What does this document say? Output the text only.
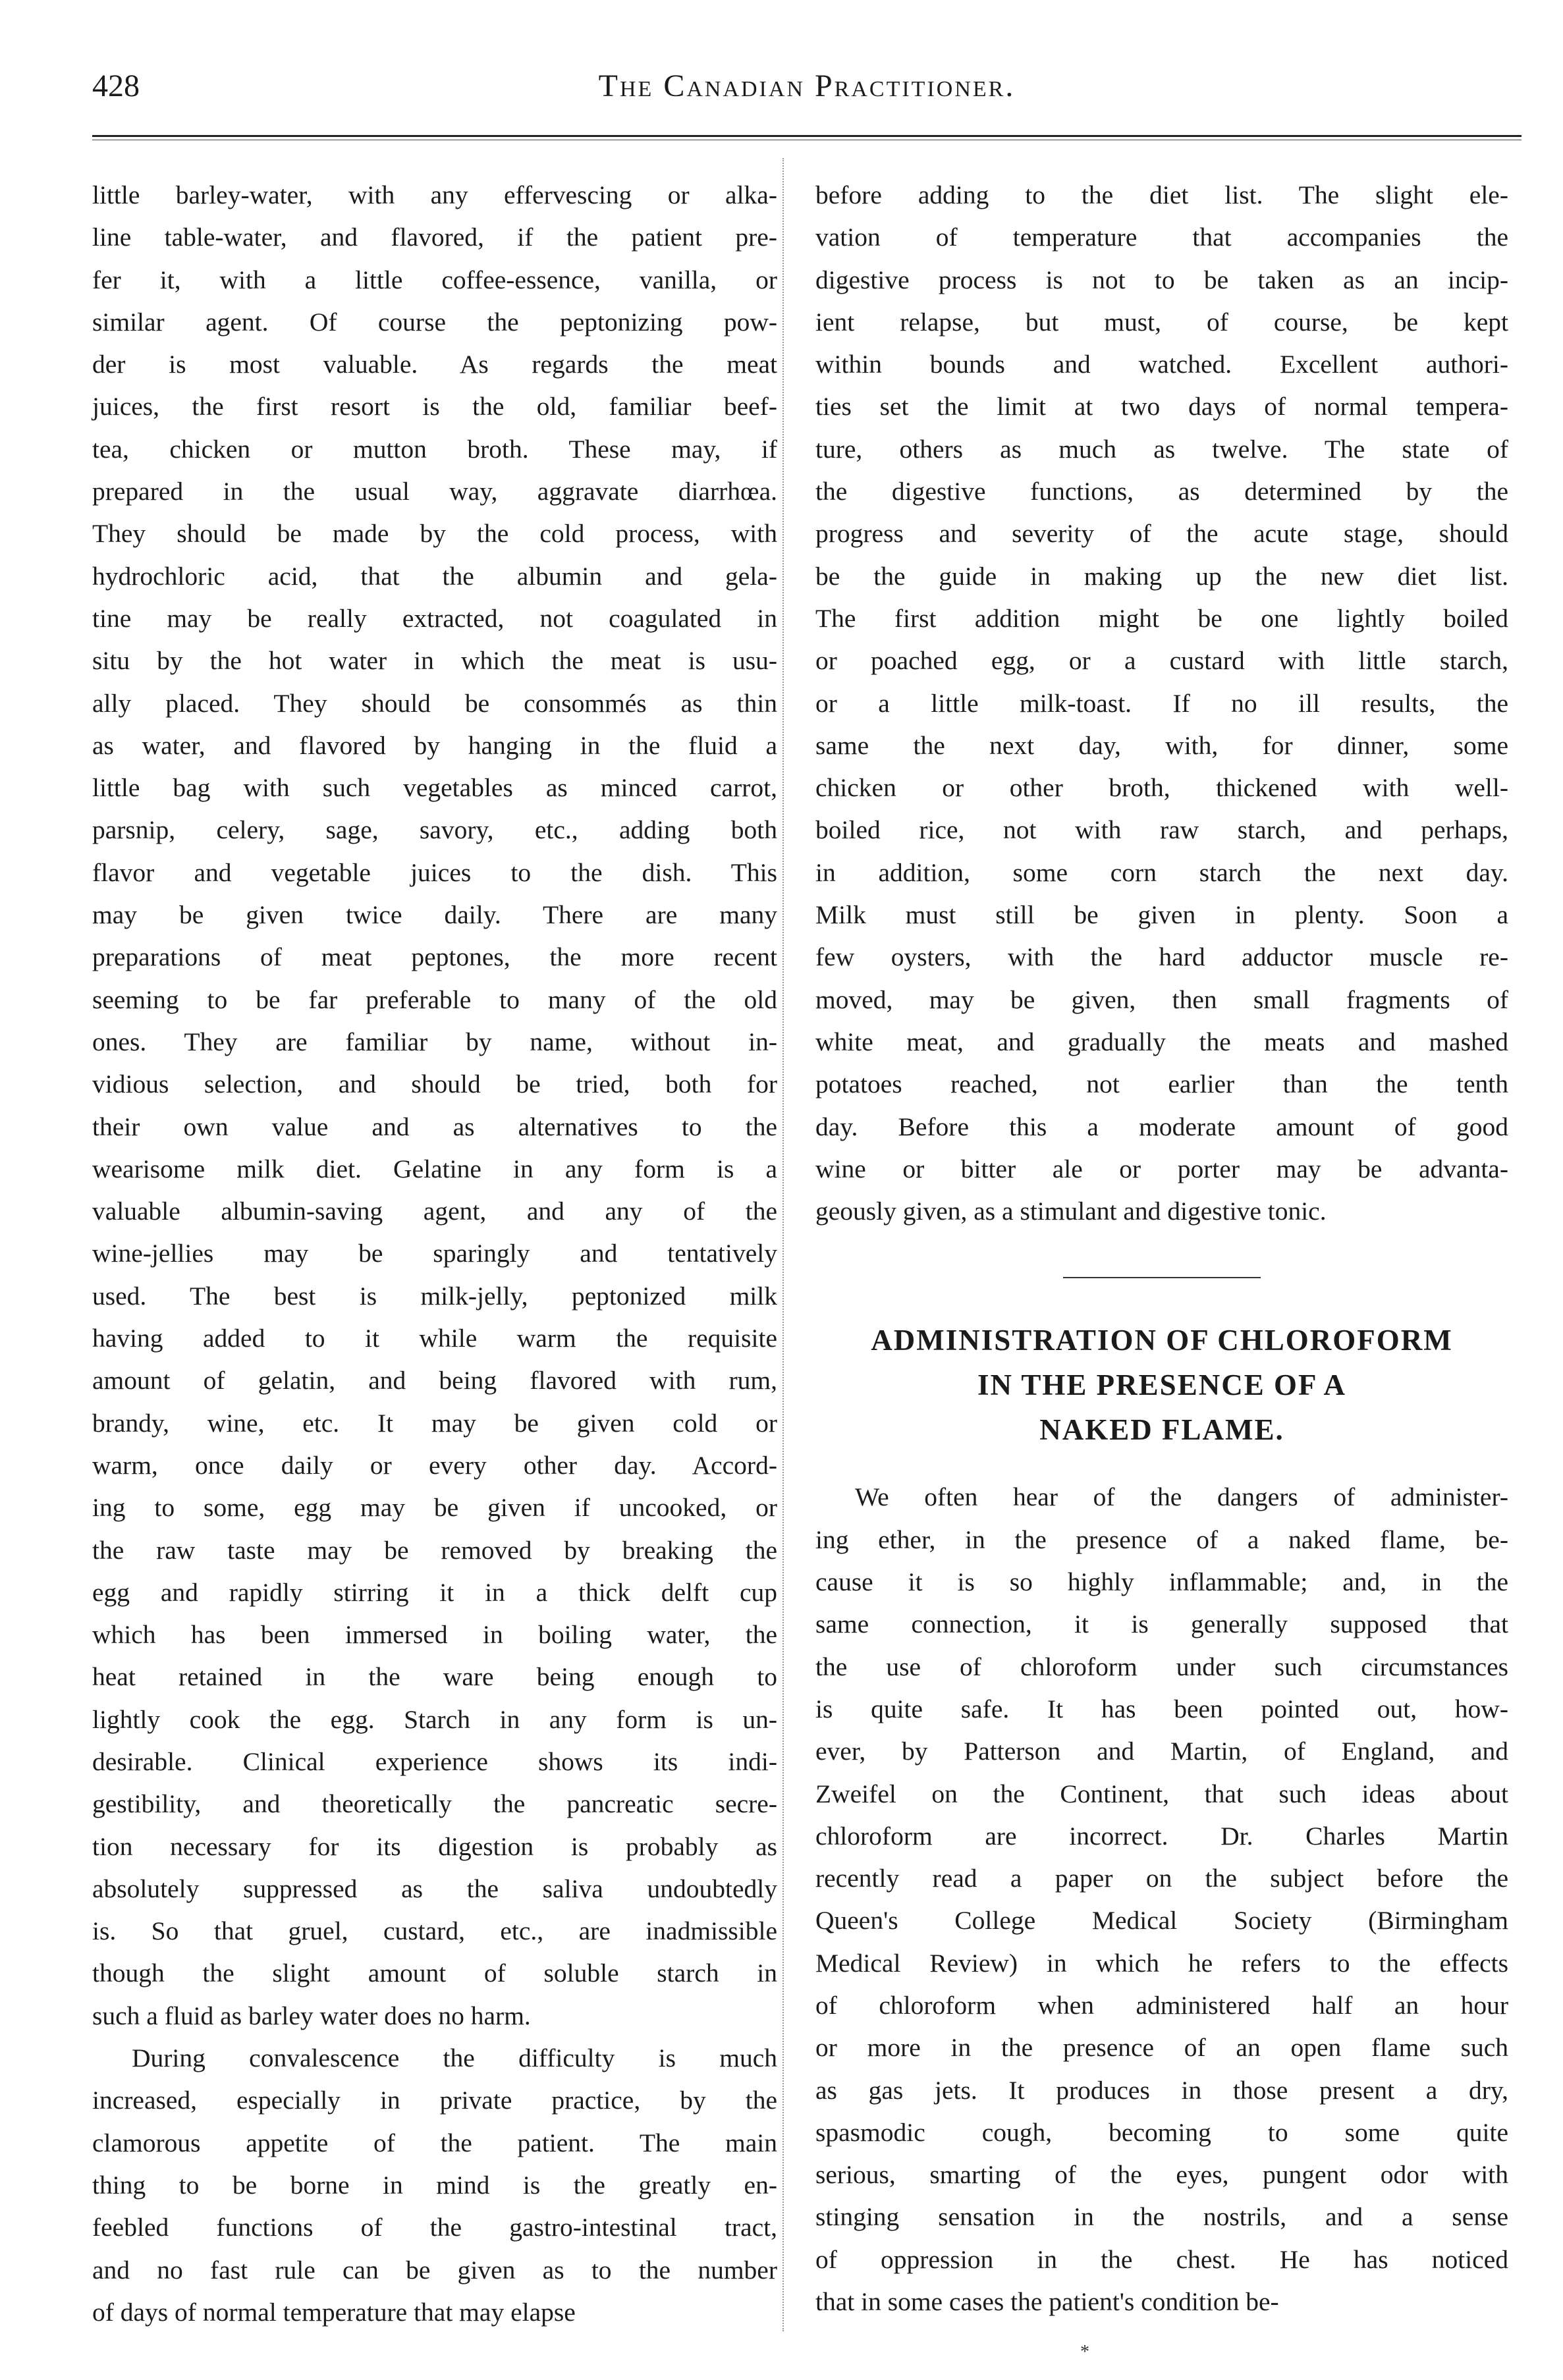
428	The Canadian Practitioner.

little barley-water, with any effervescing or alka-
line table-water, and flavored, if the patient pre-
fer it, with a little coffee-essence, vanilla, or
similar agent. Of course the peptonizing pow-
der is most valuable. As regards the meat
juices, the first resort is the old, familiar beef-
tea, chicken or mutton broth. These may, if
prepared in the usual way, aggravate diarrhœa.
They should be made by the cold process, with
hydrochloric acid, that the albumin and gela-
tine may be really extracted, not coagulated in
situ by the hot water in which the meat is usu-
ally placed. They should be consommés as thin
as water, and flavored by hanging in the fluid a
little bag with such vegetables as minced carrot,
parsnip, celery, sage, savory, etc., adding both
flavor and vegetable juices to the dish. This
may be given twice daily. There are many
preparations of meat peptones, the more recent
seeming to be far preferable to many of the old
ones. They are familiar by name, without in-
vidious selection, and should be tried, both for
their own value and as alternatives to the
wearisome milk diet. Gelatine in any form is a
valuable albumin-saving agent, and any of the
wine-jellies may be sparingly and tentatively
used. The best is milk-jelly, peptonized milk
having added to it while warm the requisite
amount of gelatin, and being flavored with rum,
brandy, wine, etc. It may be given cold or
warm, once daily or every other day. Accord-
ing to some, egg may be given if uncooked, or
the raw taste may be removed by breaking the
egg and rapidly stirring it in a thick delft cup
which has been immersed in boiling water, the
heat retained in the ware being enough to
lightly cook the egg. Starch in any form is un-
desirable. Clinical experience shows its indi-
gestibility, and theoretically the pancreatic secre-
tion necessary for its digestion is probably as
absolutely suppressed as the saliva undoubtedly
is. So that gruel, custard, etc., are inadmissible
though the slight amount of soluble starch in
such a fluid as barley water does no harm.

During convalescence the difficulty is much
increased, especially in private practice, by the
clamorous appetite of the patient. The main
thing to be borne in mind is the greatly en-
feebled functions of the gastro-intestinal tract,
and no fast rule can be given as to the number
of days of normal temperature that may elapse

before adding to the diet list. The slight ele-
vation of temperature that accompanies the
digestive process is not to be taken as an incip-
ient relapse, but must, of course, be kept
within bounds and watched. Excellent authori-
ties set the limit at two days of normal tempera-
ture, others as much as twelve. The state of
the digestive functions, as determined by the
progress and severity of the acute stage, should
be the guide in making up the new diet list.
The first addition might be one lightly boiled
or poached egg, or a custard with little starch,
or a little milk-toast. If no ill results, the
same the next day, with, for dinner, some
chicken or other broth, thickened with well-
boiled rice, not with raw starch, and perhaps,
in addition, some corn starch the next day.
Milk must still be given in plenty. Soon a
few oysters, with the hard adductor muscle re-
moved, may be given, then small fragments of
white meat, and gradually the meats and mashed
potatoes reached, not earlier than the tenth
day. Before this a moderate amount of good
wine or bitter ale or porter may be advanta-
geously given, as a stimulant and digestive tonic.

ADMINISTRATION OF CHLOROFORM
IN THE PRESENCE OF A
NAKED FLAME.

We often hear of the dangers of administer-
ing ether, in the presence of a naked flame, be-
cause it is so highly inflammable; and, in the
same connection, it is generally supposed that
the use of chloroform under such circumstances
is quite safe. It has been pointed out, how-
ever, by Patterson and Martin, of England, and
Zweifel on the Continent, that such ideas about
chloroform are incorrect. Dr. Charles Martin
recently read a paper on the subject before the
Queen's College Medical Society (Birmingham
Medical Review) in which he refers to the effects
of chloroform when administered half an hour
or more in the presence of an open flame such
as gas jets. It produces in those present a dry,
spasmodic cough, becoming to some quite
serious, smarting of the eyes, pungent odor with
stinging sensation in the nostrils, and a sense
of oppression in the chest. He has noticed
that in some cases the patient's condition be-

*
